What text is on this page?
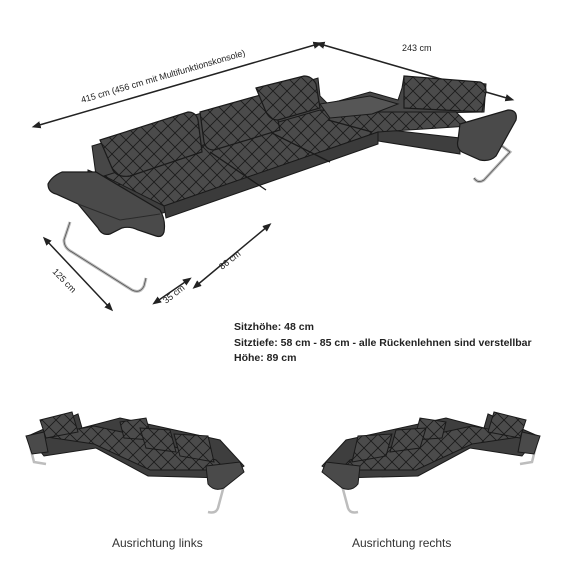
415 cm (456 cm mit Multifunktionskonsole)	243 cm
125 cm
86 cm
35 cm
Sitzhöhe: 48 cm
Sitztiefe: 58 cm - 85 cm - alle Rückenlehnen sind verstellbar
Höhe: 89 cm
Ausrichtung links	Ausrichtung rechts
